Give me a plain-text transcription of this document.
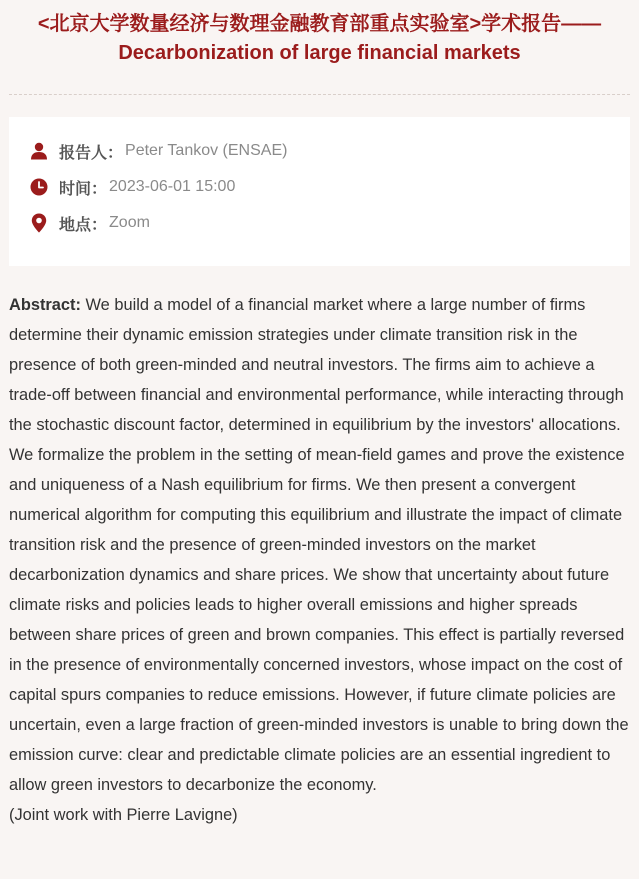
<北京大学数量经济与数理金融教育部重点实验室>学术报告——Decarbonization of large financial markets
报告人： Peter Tankov (ENSAE)
时间： 2023-06-01 15:00
地点： Zoom
Abstract: We build a model of a financial market where a large number of firms determine their dynamic emission strategies under climate transition risk in the presence of both green-minded and neutral investors. The firms aim to achieve a trade-off between financial and environmental performance, while interacting through the stochastic discount factor, determined in equilibrium by the investors' allocations. We formalize the problem in the setting of mean-field games and prove the existence and uniqueness of a Nash equilibrium for firms. We then present a convergent numerical algorithm for computing this equilibrium and illustrate the impact of climate transition risk and the presence of green-minded investors on the market decarbonization dynamics and share prices. We show that uncertainty about future climate risks and policies leads to higher overall emissions and higher spreads between share prices of green and brown companies. This effect is partially reversed in the presence of environmentally concerned investors, whose impact on the cost of capital spurs companies to reduce emissions. However, if future climate policies are uncertain, even a large fraction of green-minded investors is unable to bring down the emission curve: clear and predictable climate policies are an essential ingredient to allow green investors to decarbonize the economy.
(Joint work with Pierre Lavigne)
